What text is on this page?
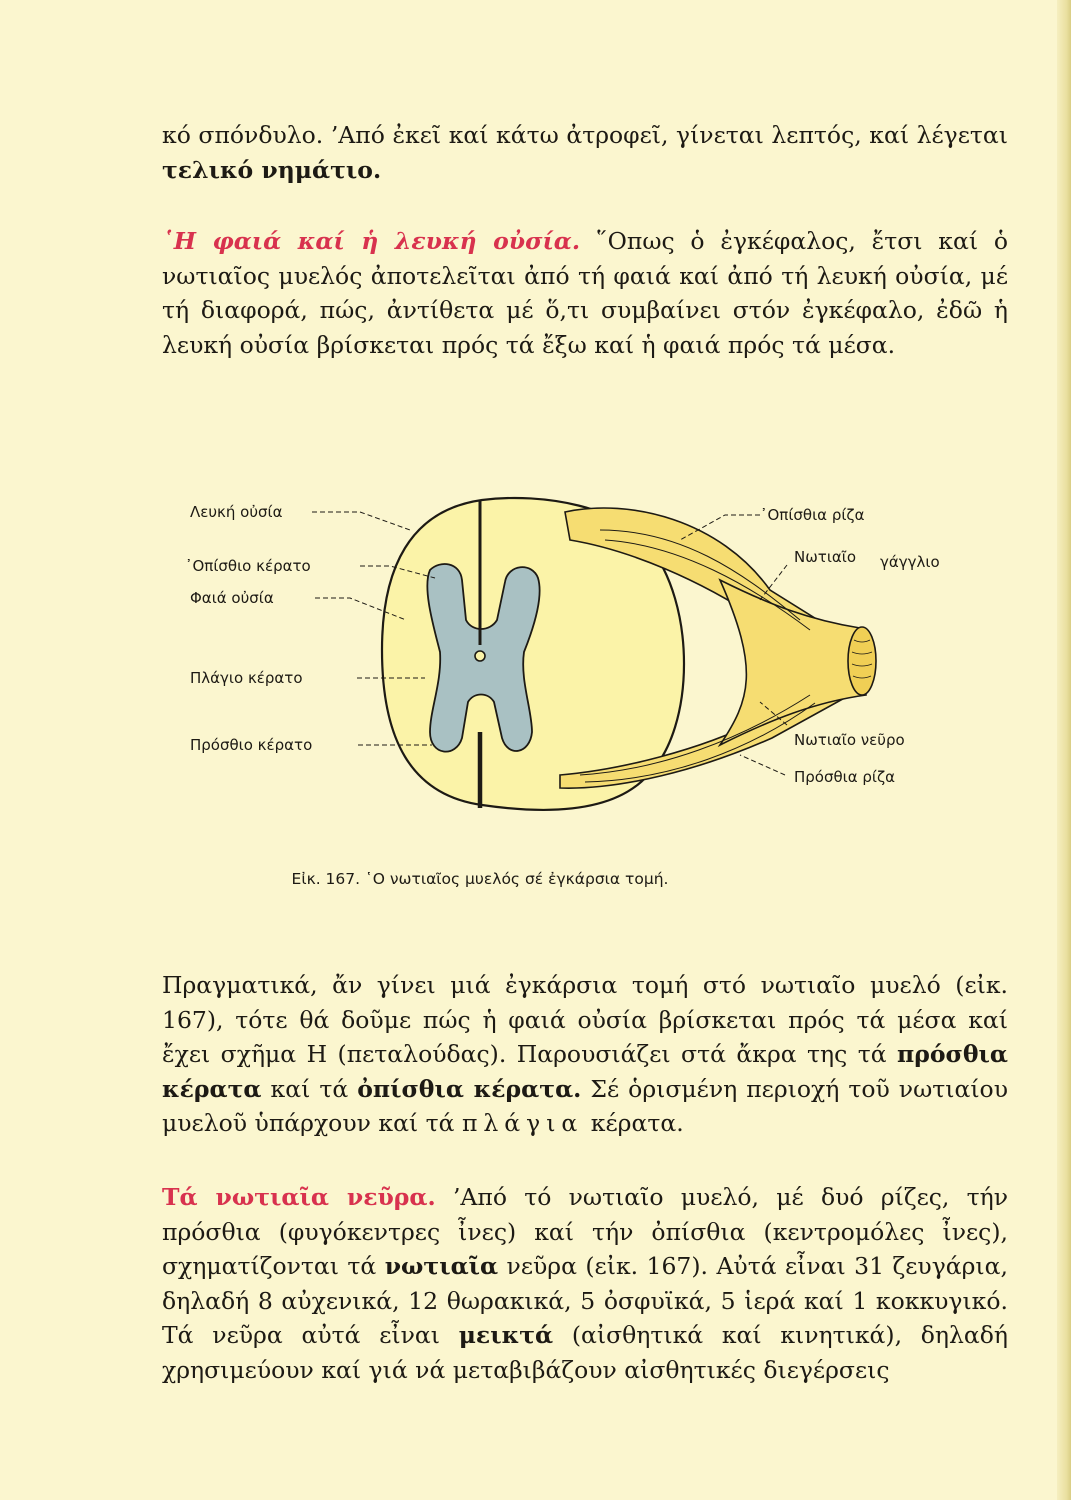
κό σπόνδυλο. ’Από ἐκεῖ καί κάτω ἀτροφεῖ, γίνεται λεπτός, καί λέγεται τελικό νημάτιο.

῾Η φαιά καί ἡ λευκή οὐσία. ῞Οπως ὁ ἐγκέφαλος, ἔτσι καί ὁ νωτιαῖος μυελός ἀποτελεῖται ἀπό τή φαιά καί ἀπό τή λευκή οὐσία, μέ τή διαφορά, πώς, ἀντίθετα μέ ὅ,τι συμβαίνει στόν ἐγκέφαλο, ἐδῶ ἡ λευκή οὐσία βρίσκεται πρός τά ἔξω καί ἡ φαιά πρός τά μέσα.

Λευκή οὐσία
᾿Οπίσθιο κέρατο
Φαιά οὐσία
Πλάγιο κέρατο
Πρόσθιο κέρατο
᾿Οπίσθια ρίζα
Νωτιαῖο γάγγλιο
Νωτιαῖο νεῦρο
Πρόσθια ρίζα
Εἰκ. 167. ῾Ο νωτιαῖος μυελός σέ ἐγκάρσια τομή.

Πραγματικά, ἄν γίνει μιά ἐγκάρσια τομή στό νωτιαῖο μυελό (εἰκ. 167), τότε θά δοῦμε πώς ἡ φαιά οὐσία βρίσκεται πρός τά μέσα καί ἔχει σχῆμα Η (πεταλούδας). Παρουσιάζει στά ἄκρα της τά πρόσθια κέρατα καί τά ὀπίσθια κέρατα. Σέ ὁρισμένη περιοχή τοῦ νωτιαίου μυελοῦ ὑπάρχουν καί τά πλάγια κέρατα.

Τά νωτιαῖα νεῦρα. ’Από τό νωτιαῖο μυελό, μέ δυό ρίζες, τήν πρόσθια (φυγόκεντρες ἶνες) καί τήν ὀπίσθια (κεντρομόλες ἶνες), σχηματίζονται τά νωτιαῖα νεῦρα (εἰκ. 167). Αὐτά εἶναι 31 ζευγάρια, δηλαδή 8 αὐχενικά, 12 θωρακικά, 5 ὀσφυϊκά, 5 ἱερά καί 1 κοκκυγικό. Τά νεῦρα αὐτά εἶναι μεικτά (αἰσθητικά καί κινητικά), δηλαδή χρησιμεύουν καί γιά νά μεταβιβάζουν αἰσθητικές διεγέρσεις
